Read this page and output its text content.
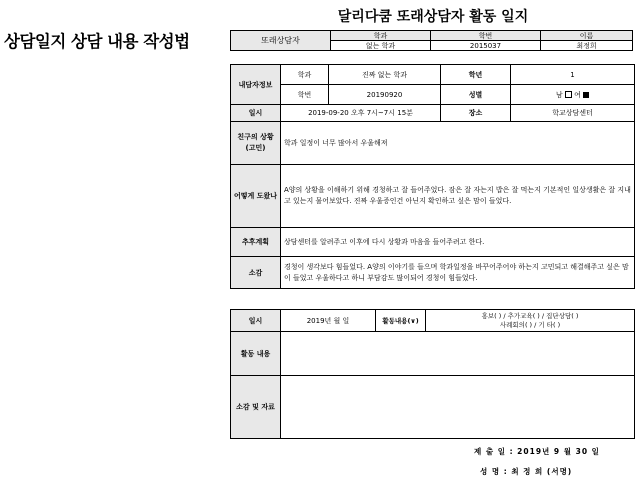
상담일지 상담 내용 작성법
달리다쿰 또래상담자 활동 일지
또래상담자	학과	학번	이름
	없는 학과	2015037	최정희
내담자정보	학과	진짜 없는 학과	학년	1
	학번	20190920	성별	남 여
일시	2019-09-20 오후 7시~7시 15분		장소	학교상담센터
친구의 상황(고민)	학과 일정이 너무 많아서 우울해져			
어떻게 도왔나	A양의 상황을 이해하기 위해 경청하고 잘 들어주었다. 잠은 잘 자는지 밥은 잘 먹는지 기본적인 일상생활은 잘 지내고 있는지 물어보았다. 진짜 우울증인건 아닌지 확인하고 싶은 맘이 들었다.			
추후계획	상담센터를 알려주고 이후에 다시 상황과 마음을 들어주려고 한다.			
소감	경청이 생각보다 힘들었다. A양의 이야기를 들으며 학과일정을 바꾸어주어야 하는지 고민되고 해결해주고 싶은 맘이 들었고 우울하다고 하니 부담감도 많이되어 경청이 힘들었다.			
일시	2019년 월 일	활동내용(∨)	홍보( ) / 추가교육( ) / 집단상담( )
사례회의( ) / 기 타( )

활동 내용			
소감 및 자료			
제 출 일 : 2019년 9 월 30 일
성 명 : 최 정 희 (서명)
